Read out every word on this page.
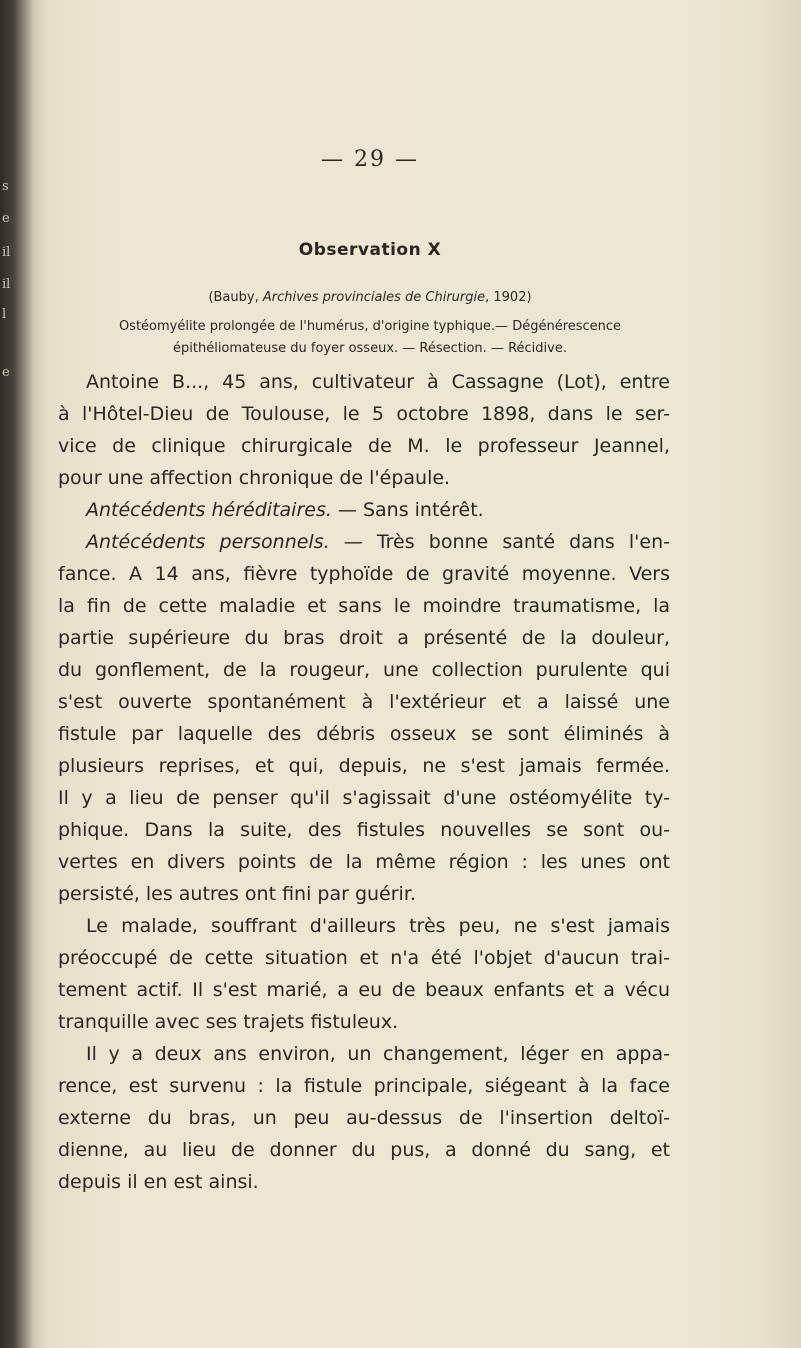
s
e
il
il
l
e
— 29 —
Observation X
(Bauby, Archives provinciales de Chirurgie, 1902)
Ostéomyélite prolongée de l'humérus, d'origine typhique.— Dégénérescence
épithéliomateuse du foyer osseux. — Résection. — Récidive.
Antoine B..., 45 ans, cultivateur à Cassagne (Lot), entre
à l'Hôtel-Dieu de Toulouse, le 5 octobre 1898, dans le ser-
vice de clinique chirurgicale de M. le professeur Jeannel,
pour une affection chronique de l'épaule.
Antécédents héréditaires. — Sans intérêt.
Antécédents personnels. — Très bonne santé dans l'en-
fance. A 14 ans, fièvre typhoïde de gravité moyenne. Vers
la fin de cette maladie et sans le moindre traumatisme, la
partie supérieure du bras droit a présenté de la douleur,
du gonflement, de la rougeur, une collection purulente qui
s'est ouverte spontanément à l'extérieur et a laissé une
fistule par laquelle des débris osseux se sont éliminés à
plusieurs reprises, et qui, depuis, ne s'est jamais fermée.
Il y a lieu de penser qu'il s'agissait d'une ostéomyélite ty-
phique. Dans la suite, des fistules nouvelles se sont ou-
vertes en divers points de la même région : les unes ont
persisté, les autres ont fini par guérir.
Le malade, souffrant d'ailleurs très peu, ne s'est jamais
préoccupé de cette situation et n'a été l'objet d'aucun trai-
tement actif. Il s'est marié, a eu de beaux enfants et a vécu
tranquille avec ses trajets fistuleux.
Il y a deux ans environ, un changement, léger en appa-
rence, est survenu : la fistule principale, siégeant à la face
externe du bras, un peu au-dessus de l'insertion deltoï-
dienne, au lieu de donner du pus, a donné du sang, et
depuis il en est ainsi.
